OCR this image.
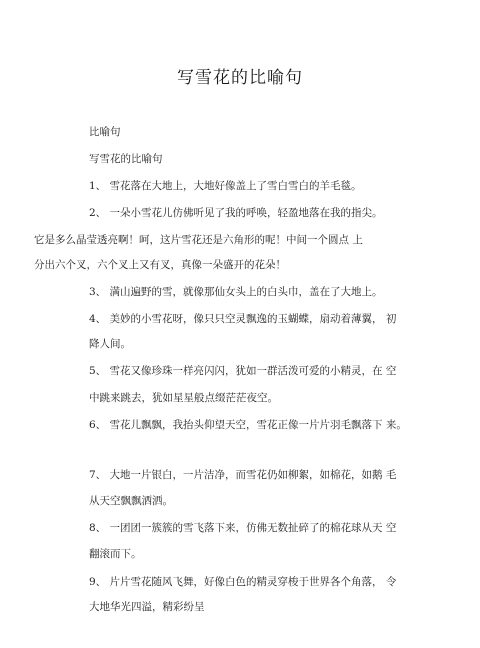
写雪花的比喻句
比喻句
写雪花的比喻句
1、 雪花落在大地上，大地好像盖上了雪白雪白的羊毛毯。
2、 一朵小雪花儿仿佛听见了我的呼唤，轻盈地落在我的指尖。
它是多么晶莹透亮啊！呵，这片雪花还是六角形的呢！中间一个圆点 上
分出六个叉，六个叉上又有叉，真像一朵盛开的花朵！
3、 满山遍野的雪，就像那仙女头上的白头巾，盖在了大地上。
4、 美妙的小雪花呀，像只只空灵飘逸的玉蝴蝶，扇动着薄翼， 初
降人间。
5、 雪花又像珍珠一样亮闪闪，犹如一群活泼可爱的小精灵，在 空
中跳来跳去，犹如星星般点缀茫茫夜空。
6、 雪花儿飘飘，我抬头仰望天空，雪花正像一片片羽毛飘落下 来。
7、 大地一片银白，一片洁净，而雪花仍如柳絮，如棉花，如鹅 毛
从天空飘飘洒洒。
8、 一团团一簇簇的雪飞落下来，仿佛无数扯碎了的棉花球从天 空
翻滚而下。
9、 片片雪花随风飞舞，好像白色的精灵穿梭于世界各个角落， 令
大地华光四溢，精彩纷呈
